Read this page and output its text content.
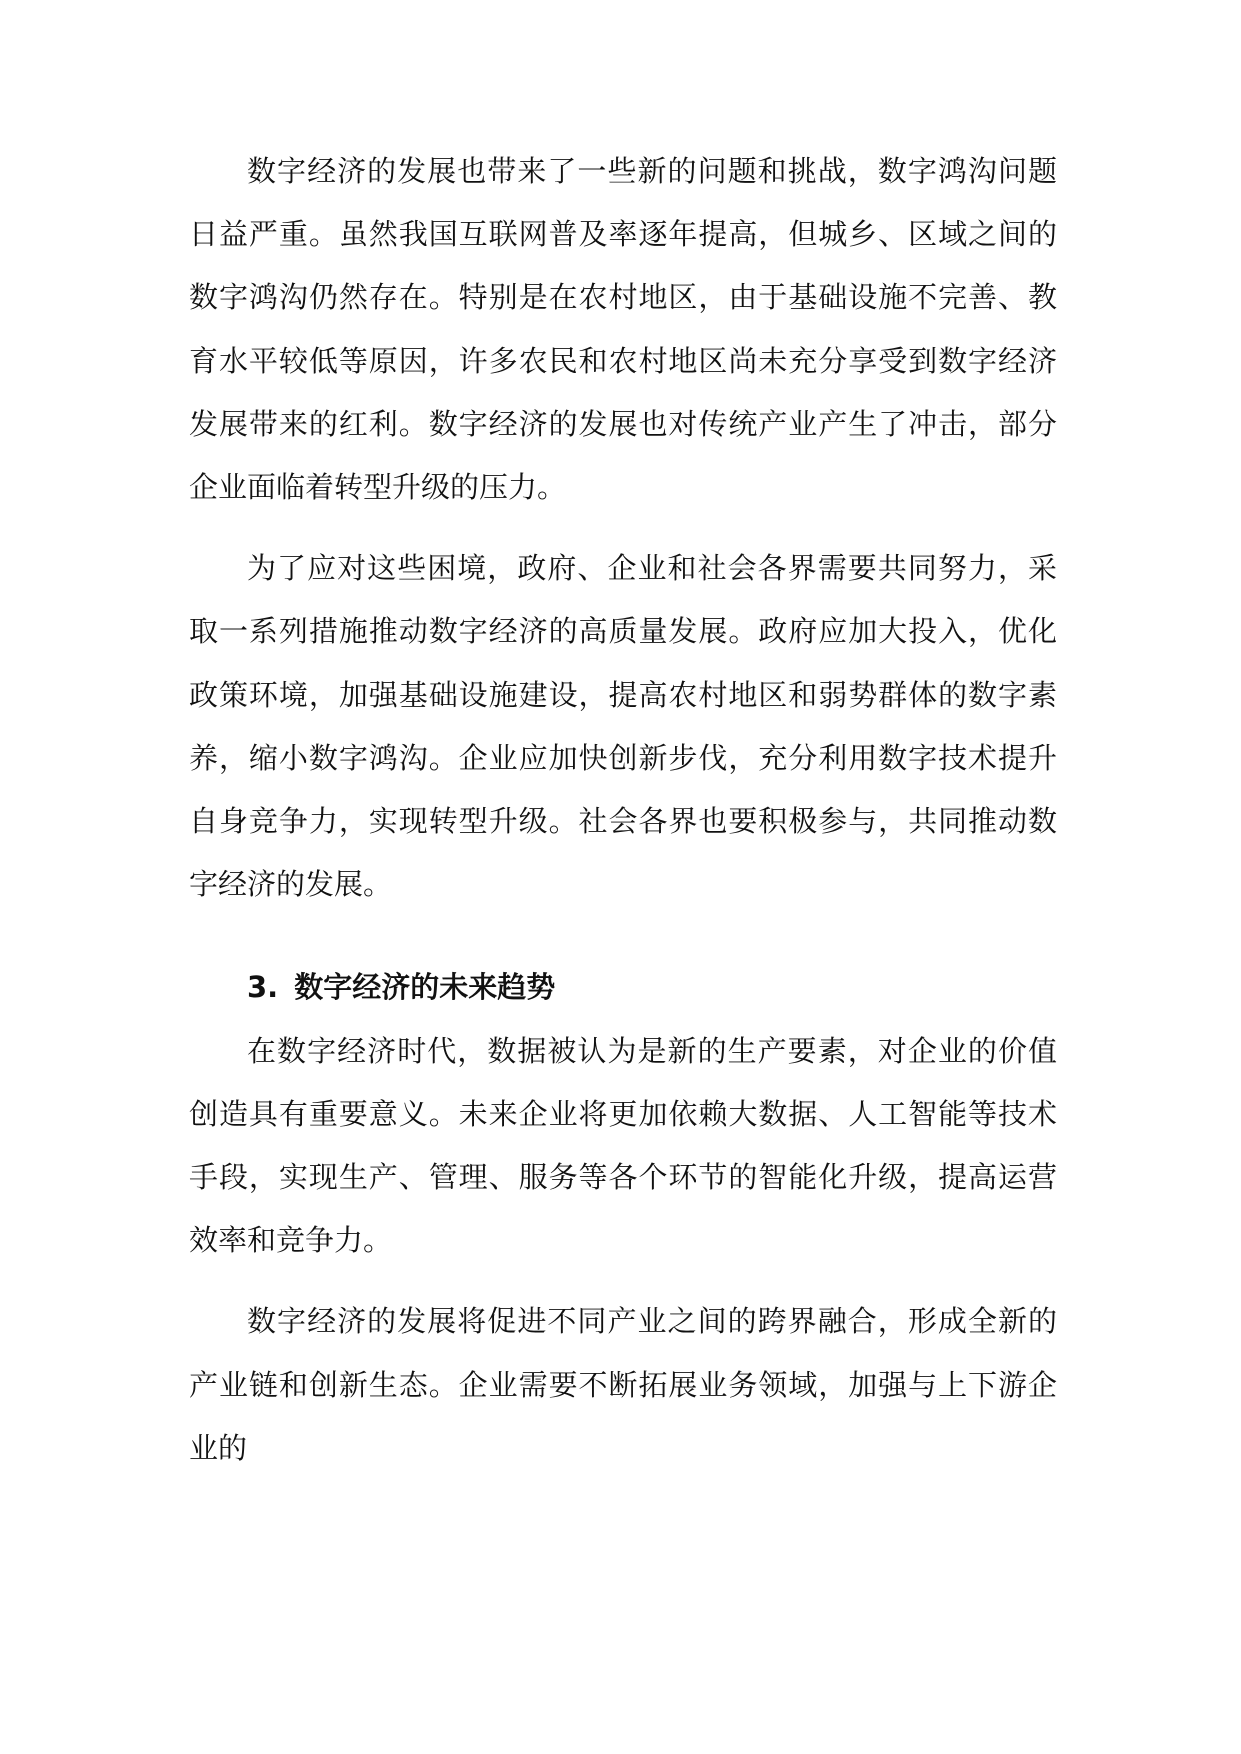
数字经济的发展也带来了一些新的问题和挑战，数字鸿沟问题日益严重。虽然我国互联网普及率逐年提高，但城乡、区域之间的数字鸿沟仍然存在。特别是在农村地区，由于基础设施不完善、教育水平较低等原因，许多农民和农村地区尚未充分享受到数字经济发展带来的红利。数字经济的发展也对传统产业产生了冲击，部分企业面临着转型升级的压力。

为了应对这些困境，政府、企业和社会各界需要共同努力，采取一系列措施推动数字经济的高质量发展。政府应加大投入，优化政策环境，加强基础设施建设，提高农村地区和弱势群体的数字素养，缩小数字鸿沟。企业应加快创新步伐，充分利用数字技术提升自身竞争力，实现转型升级。社会各界也要积极参与，共同推动数字经济的发展。

3. 数字经济的未来趋势

在数字经济时代，数据被认为是新的生产要素，对企业的价值创造具有重要意义。未来企业将更加依赖大数据、人工智能等技术手段，实现生产、管理、服务等各个环节的智能化升级，提高运营效率和竞争力。

数字经济的发展将促进不同产业之间的跨界融合，形成全新的产业链和创新生态。企业需要不断拓展业务领域，加强与上下游企业的
